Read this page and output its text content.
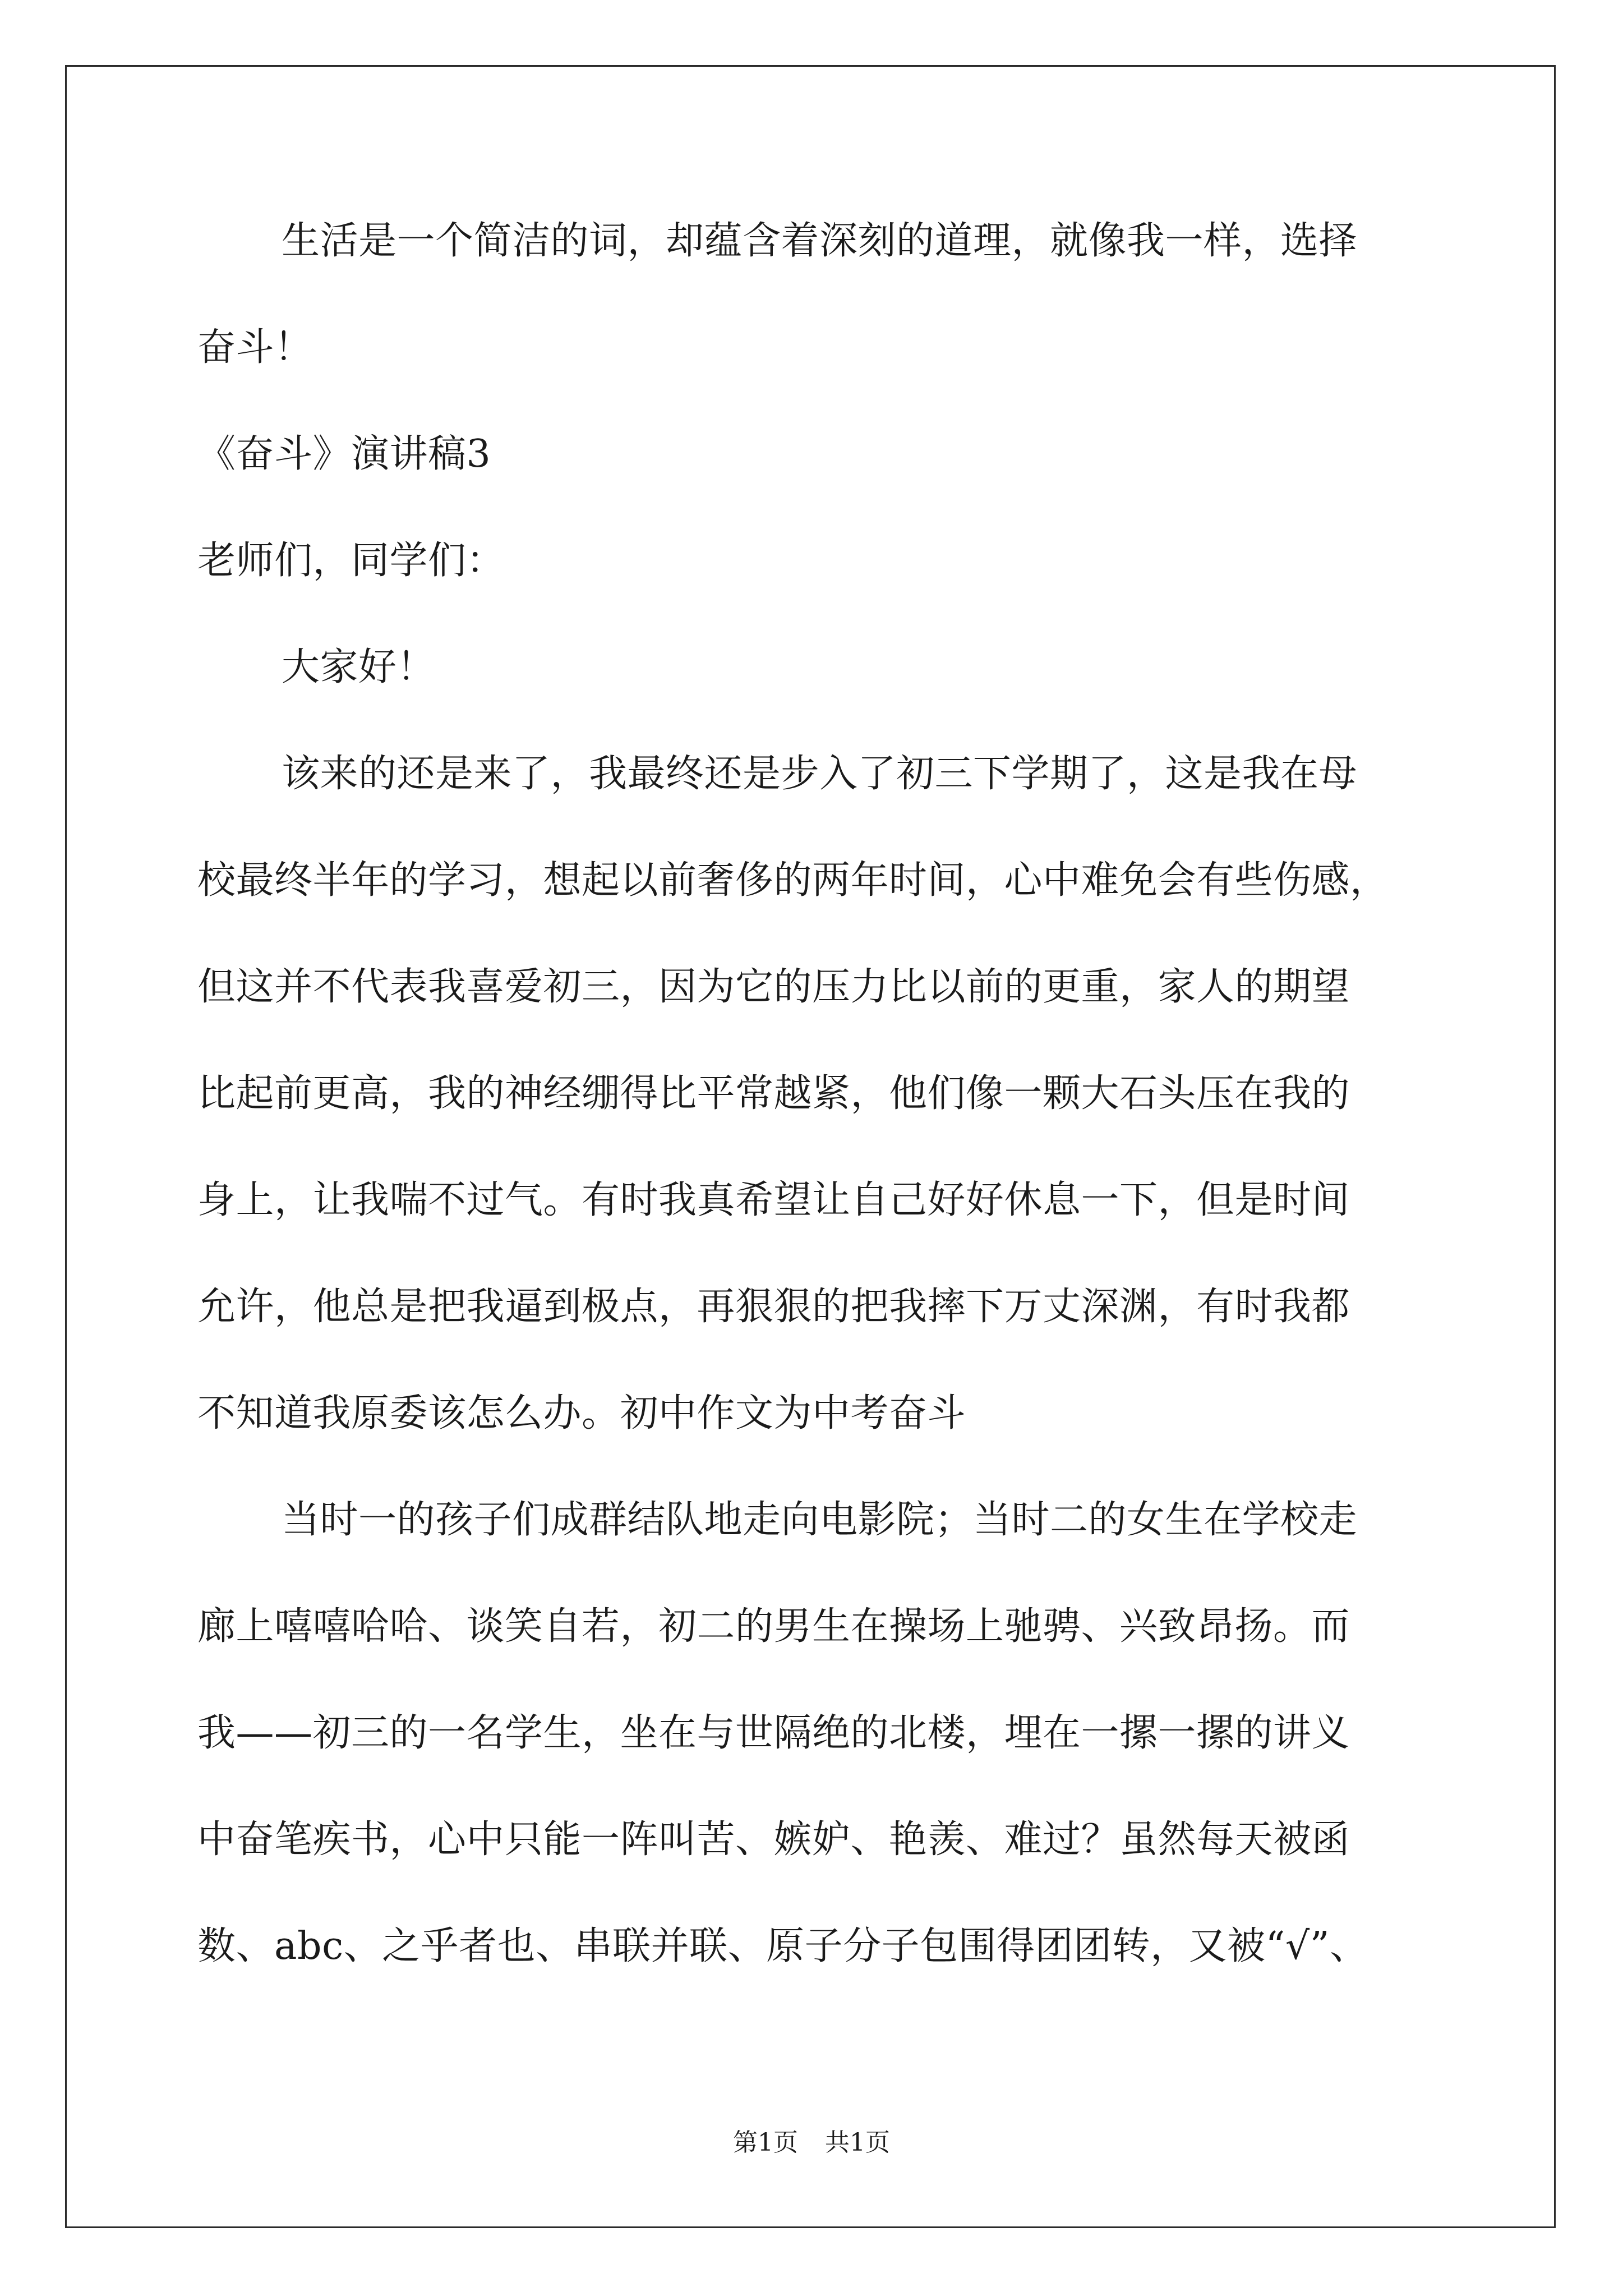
生活是一个简洁的词，却蕴含着深刻的道理，就像我一样，选择
奋斗！
《奋斗》演讲稿3
老师们，同学们：
大家好！
该来的还是来了，我最终还是步入了初三下学期了，这是我在母
校最终半年的学习，想起以前奢侈的两年时间，心中难免会有些伤感，
但这并不代表我喜爱初三，因为它的压力比以前的更重，家人的期望
比起前更高，我的神经绷得比平常越紧，他们像一颗大石头压在我的
身上，让我喘不过气。有时我真希望让自己好好休息一下，但是时间
允许，他总是把我逼到极点，再狠狠的把我摔下万丈深渊，有时我都
不知道我原委该怎么办。初中作文为中考奋斗
当时一的孩子们成群结队地走向电影院；当时二的女生在学校走
廊上嘻嘻哈哈、谈笑自若，初二的男生在操场上驰骋、兴致昂扬。而
我——初三的一名学生，坐在与世隔绝的北楼，埋在一摞一摞的讲义
中奋笔疾书，心中只能一阵叫苦、嫉妒、艳羡、难过？虽然每天被函
数、abc、之乎者也、串联并联、原子分子包围得团团转，又被“√”、
第1页 共1页
